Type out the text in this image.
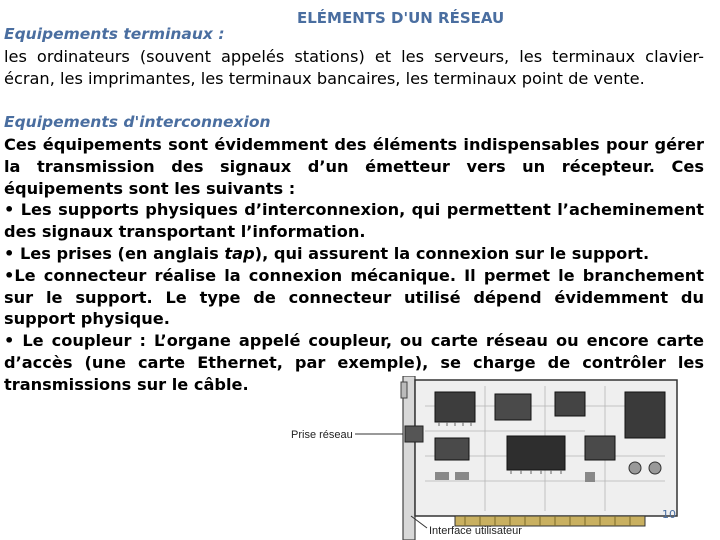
ELÉMENTS D'UN RÉSEAU
Equipements terminaux :
les ordinateurs (souvent appelés stations) et les serveurs, les terminaux clavier-écran, les imprimantes, les terminaux bancaires, les terminaux point de vente.
Equipements d'interconnexion
Ces équipements sont évidemment des éléments indispensables pour gérer la transmission des signaux d’un émetteur vers un récepteur. Ces équipements sont les suivants :
• Les supports physiques d’interconnexion, qui permettent l’acheminement des signaux transportant l’information.
• Les prises (en anglais tap), qui assurent la connexion sur le support.
•Le connecteur réalise la connexion mécanique. Il permet le branchement sur le support. Le type de connecteur utilisé dépend évidemment du support physique.
• Le coupleur : L’organe appelé coupleur, ou carte réseau ou encore carte d’accès (une carte Ethernet, par exemple), se charge de contrôler les transmissions sur le câble.
Prise réseau
Interface utilisateur
10
